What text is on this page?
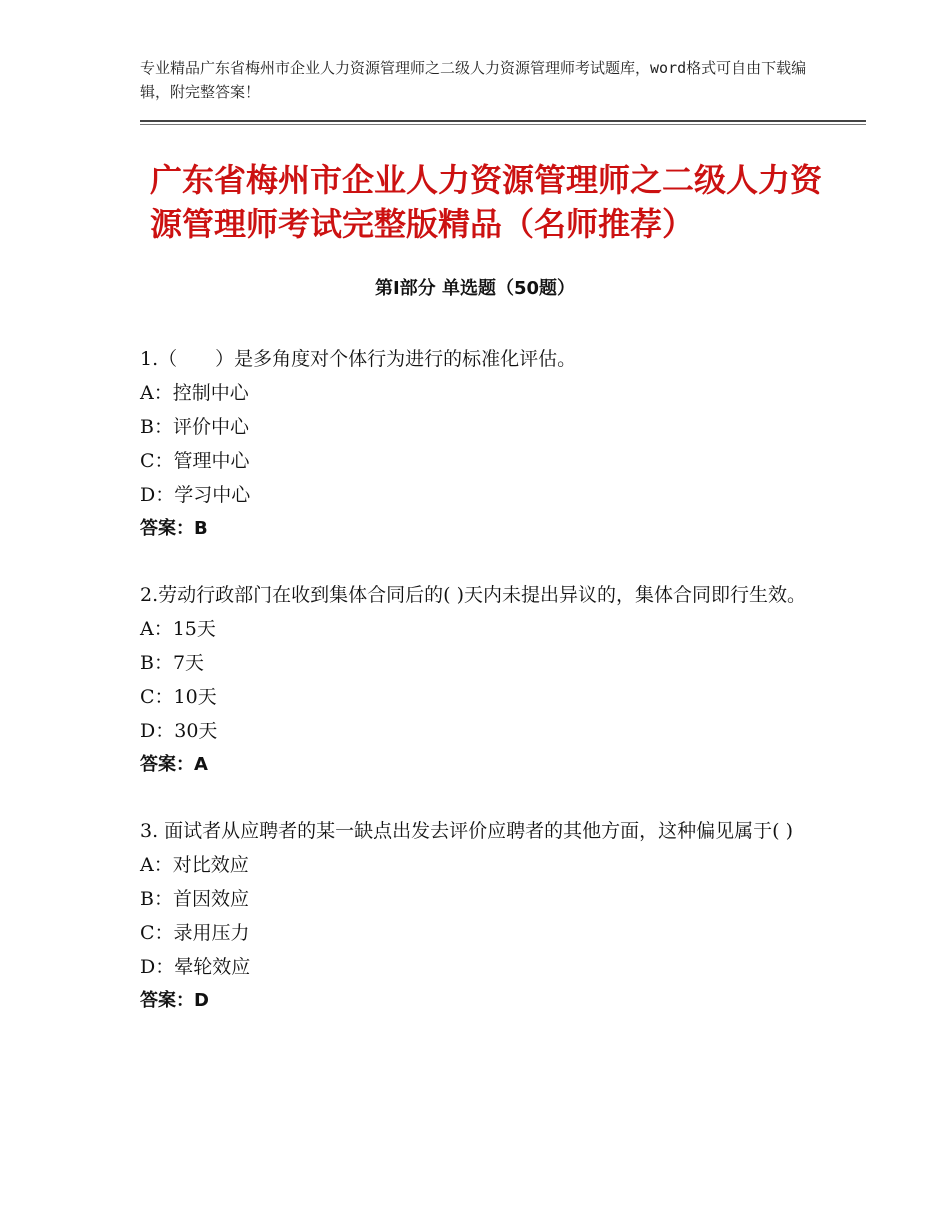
专业精品广东省梅州市企业人力资源管理师之二级人力资源管理师考试题库，word格式可自由下载编辑，附完整答案！
广东省梅州市企业人力资源管理师之二级人力资源管理师考试完整版精品（名师推荐）
第Ⅰ部分 单选题（50题）
1.（　　）是多角度对个体行为进行的标准化评估。
A：控制中心
B：评价中心
C：管理中心
D：学习中心
答案：B
2.劳动行政部门在收到集体合同后的( )天内未提出异议的，集体合同即行生效。
A：15天
B：7天
C：10天
D：30天
答案：A
3. 面试者从应聘者的某一缺点出发去评价应聘者的其他方面，这种偏见属于( )
A：对比效应
B：首因效应
C：录用压力
D：晕轮效应
答案：D
